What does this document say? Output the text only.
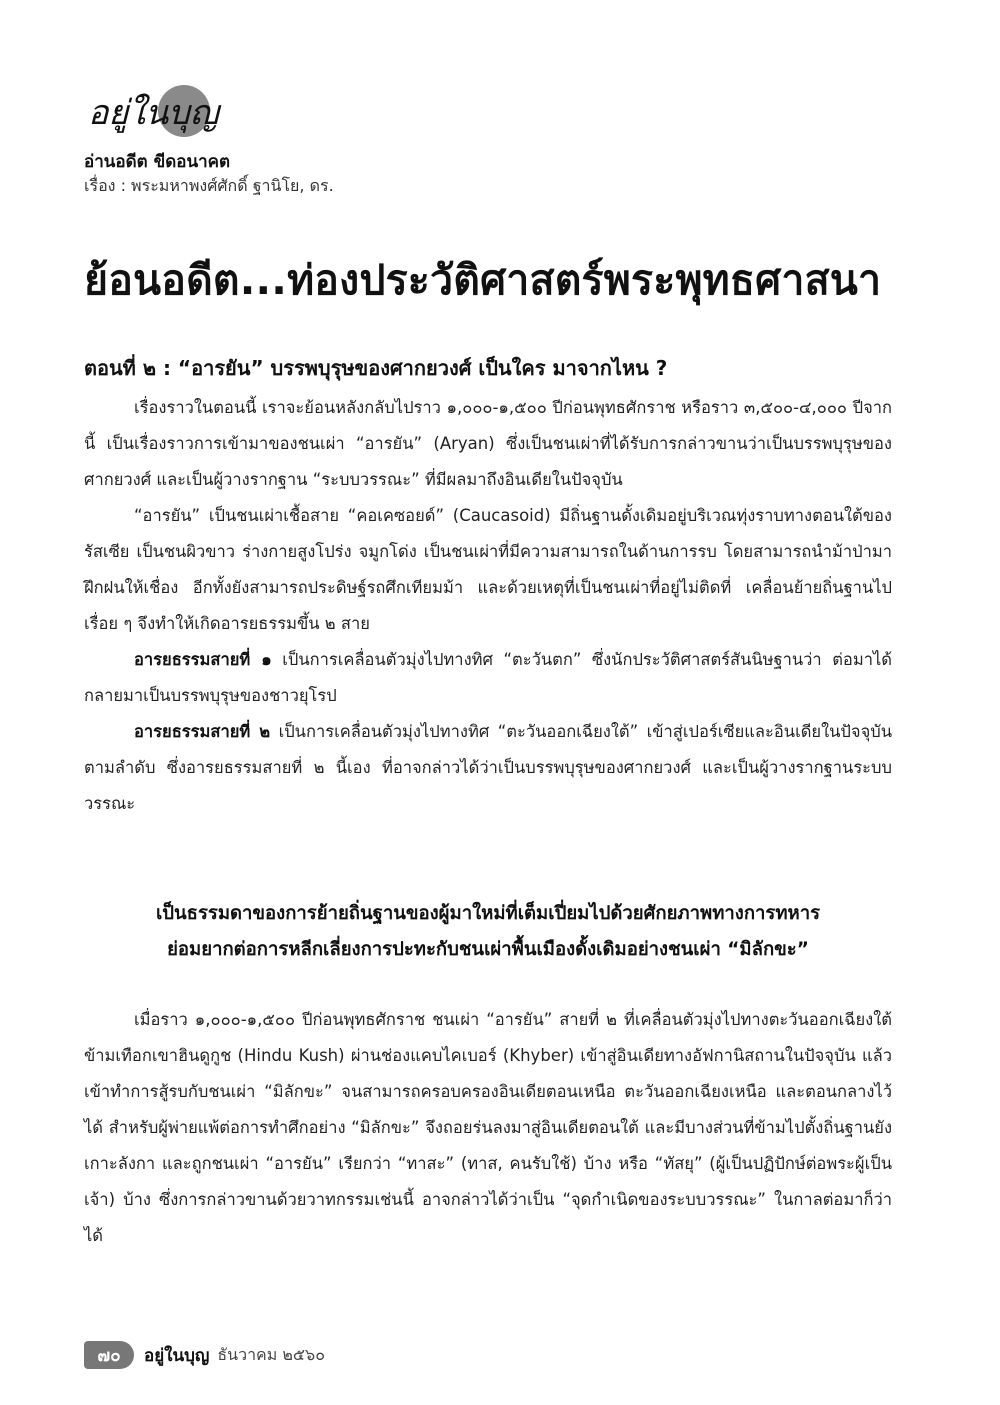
อยู่ในบุญ
อ่านอดีต ขีดอนาคต
เรื่อง : พระมหาพงศ์ศักดิ์ ฐานิโย, ดร.
ย้อนอดีต...ท่องประวัติศาสตร์พระพุทธศาสนา
ตอนที่ ๒ : “อารยัน” บรรพบุรุษของศากยวงศ์ เป็นใคร มาจากไหน ?

เรื่องราวในตอนนี้ เราจะย้อนหลังกลับไปราว ๑,๐๐๐-๑,๕๐๐ ปีก่อนพุทธศักราช หรือราว ๓,๕๐๐-๔,๐๐๐ ปีจากนี้ เป็นเรื่องราวการเข้ามาของชนเผ่า “อารยัน” (Aryan) ซึ่งเป็นชนเผ่าที่ได้รับการกล่าวขานว่าเป็นบรรพบุรุษของศากยวงศ์ และเป็นผู้วางรากฐาน “ระบบวรรณะ” ที่มีผลมาถึงอินเดียในปัจจุบัน

“อารยัน” เป็นชนเผ่าเชื้อสาย “คอเคซอยด์” (Caucasoid) มีถิ่นฐานดั้งเดิมอยู่บริเวณทุ่งราบทางตอนใต้ของรัสเซีย เป็นชนผิวขาว ร่างกายสูงโปร่ง จมูกโด่ง เป็นชนเผ่าที่มีความสามารถในด้านการรบ โดยสามารถนำม้าป่ามาฝึกฝนให้เชื่อง อีกทั้งยังสามารถประดิษฐ์รถศึกเทียมม้า และด้วยเหตุที่เป็นชนเผ่าที่อยู่ไม่ติดที่ เคลื่อนย้ายถิ่นฐานไปเรื่อย ๆ จึงทำให้เกิดอารยธรรมขึ้น ๒ สาย

อารยธรรมสายที่ ๑ เป็นการเคลื่อนตัวมุ่งไปทางทิศ “ตะวันตก” ซึ่งนักประวัติศาสตร์สันนิษฐานว่า ต่อมาได้กลายมาเป็นบรรพบุรุษของชาวยุโรป

อารยธรรมสายที่ ๒ เป็นการเคลื่อนตัวมุ่งไปทางทิศ “ตะวันออกเฉียงใต้” เข้าสู่เปอร์เซียและอินเดียในปัจจุบันตามลำดับ ซึ่งอารยธรรมสายที่ ๒ นี้เอง ที่อาจกล่าวได้ว่าเป็นบรรพบุรุษของศากยวงศ์ และเป็นผู้วางรากฐานระบบวรรณะ

เป็นธรรมดาของการย้ายถิ่นฐานของผู้มาใหม่ที่เต็มเปี่ยมไปด้วยศักยภาพทางการทหาร
ย่อมยากต่อการหลีกเลี่ยงการปะทะกับชนเผ่าพื้นเมืองดั้งเดิมอย่างชนเผ่า “มิลักขะ”

เมื่อราว ๑,๐๐๐-๑,๕๐๐ ปีก่อนพุทธศักราช ชนเผ่า “อารยัน” สายที่ ๒ ที่เคลื่อนตัวมุ่งไปทางตะวันออกเฉียงใต้ ข้ามเทือกเขาฮินดูกูช (Hindu Kush) ผ่านช่องแคบไคเบอร์ (Khyber) เข้าสู่อินเดียทางอัฟกานิสถานในปัจจุบัน แล้วเข้าทำการสู้รบกับชนเผ่า “มิลักขะ” จนสามารถครอบครองอินเดียตอนเหนือ ตะวันออกเฉียงเหนือ และตอนกลางไว้ได้ สำหรับผู้พ่ายแพ้ต่อการทำศึกอย่าง “มิลักขะ” จึงถอยร่นลงมาสู่อินเดียตอนใต้ และมีบางส่วนที่ข้ามไปตั้งถิ่นฐานยังเกาะลังกา และถูกชนเผ่า “อารยัน” เรียกว่า “ทาสะ” (ทาส, คนรับใช้) บ้าง หรือ “ทัสยุ” (ผู้เป็นปฏิปักษ์ต่อพระผู้เป็นเจ้า) บ้าง ซึ่งการกล่าวขานด้วยวาทกรรมเช่นนี้ อาจกล่าวได้ว่าเป็น “จุดกำเนิดของระบบวรรณะ” ในกาลต่อมาก็ว่าได้

๗๐	อยู่ในบุญ ธันวาคม ๒๕๖๐
